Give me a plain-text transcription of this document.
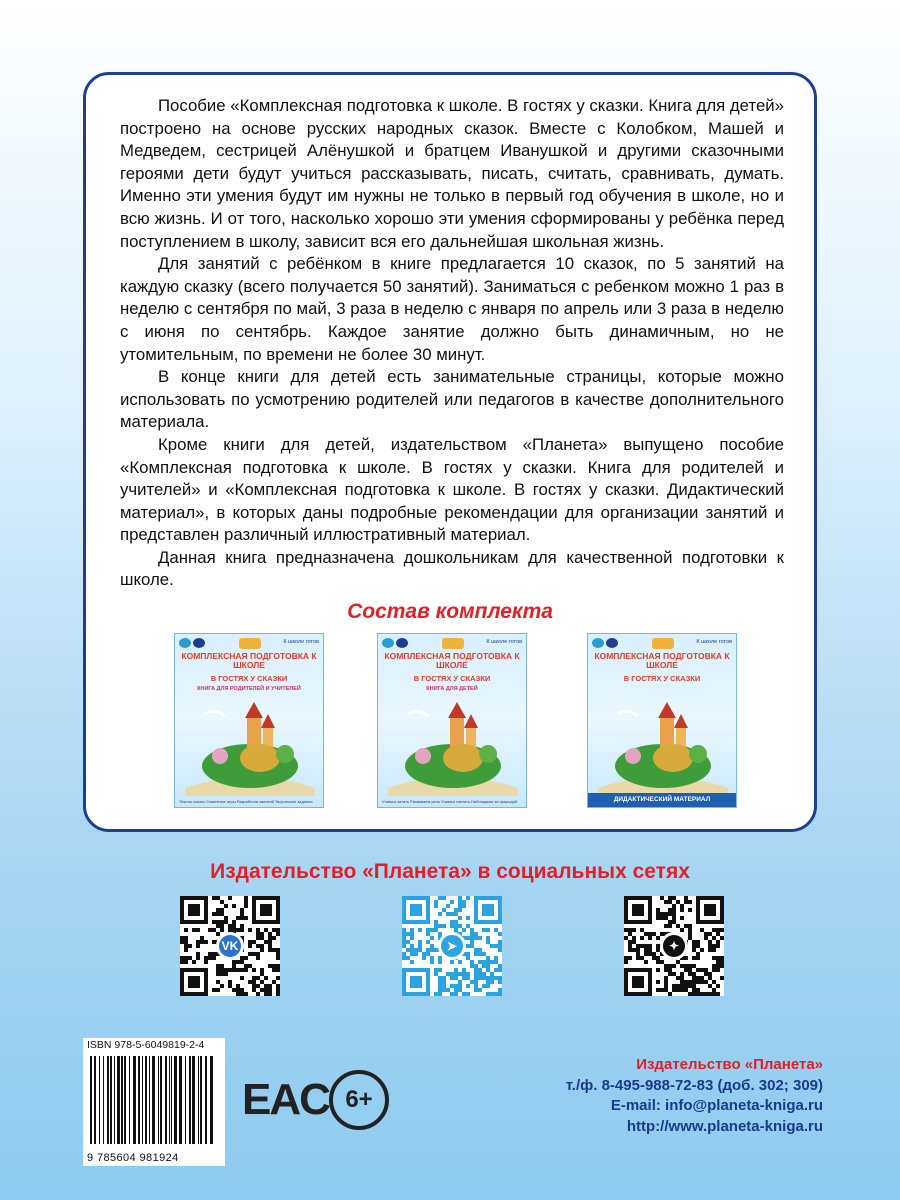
Пособие «Комплексная подготовка к школе. В гостях у сказки. Книга для детей» построено на основе русских народных сказок. Вместе с Колобком, Машей и Медведем, сестрицей Алёнушкой и братцем Иванушкой и другими сказочными героями дети будут учиться рассказывать, писать, считать, сравнивать, думать. Именно эти умения будут им нужны не только в первый год обучения в школе, но и всю жизнь. И от того, насколько хорошо эти умения сформированы у ребёнка перед поступлением в школу, зависит вся его дальнейшая школьная жизнь.

Для занятий с ребёнком в книге предлагается 10 сказок, по 5 занятий на каждую сказку (всего получается 50 занятий). Заниматься с ребенком можно 1 раз в неделю с сентября по май, 3 раза в неделю с января по апрель или 3 раза в неделю с июня по сентябрь. Каждое занятие должно быть динамичным, но не утомительным, по времени не более 30 минут.

В конце книги для детей есть занимательные страницы, которые можно использовать по усмотрению родителей или педагогов в качестве дополнительного материала.

Кроме книги для детей, издательством «Планета» выпущено пособие «Комплексная подготовка к школе. В гостях у сказки. Книга для родителей и учителей» и «Комплексная подготовка к школе. В гостях у сказки. Дидактический материал», в которых даны подробные рекомендации для организации занятий и представлен различный иллюстративный материал.

Данная книга предназначена дошкольникам для качественной подготовки к школе.

Состав комплекта
К школе готов
КОМПЛЕКСНАЯ ПОДГОТОВКА К ШКОЛЕ
В ГОСТЯХ У СКАЗКИ
КНИГА ДЛЯ РОДИТЕЛЕЙ И УЧИТЕЛЕЙ
Тексты сказок Сюжетные игры Разработки занятий Творческие задания
К школе готов
КОМПЛЕКСНАЯ ПОДГОТОВКА К ШКОЛЕ
В ГОСТЯХ У СКАЗКИ
КНИГА ДЛЯ ДЕТЕЙ
Учимся читать Развиваем речь Учимся считать Наблюдаем за природой
К школе готов
КОМПЛЕКСНАЯ ПОДГОТОВКА К ШКОЛЕ
В ГОСТЯХ У СКАЗКИ
ДИДАКТИЧЕСКИЙ МАТЕРИАЛ
Издательство «Планета» в социальных сетях
VK	➤	✦
ISBN 978-5-6049819-2-4
9 785604 981924
EAC 6+
Издательство «Планета»
т./ф. 8-495-988-72-83 (доб. 302; 309)
E-mail: info@planeta-kniga.ru
http://www.planeta-kniga.ru
